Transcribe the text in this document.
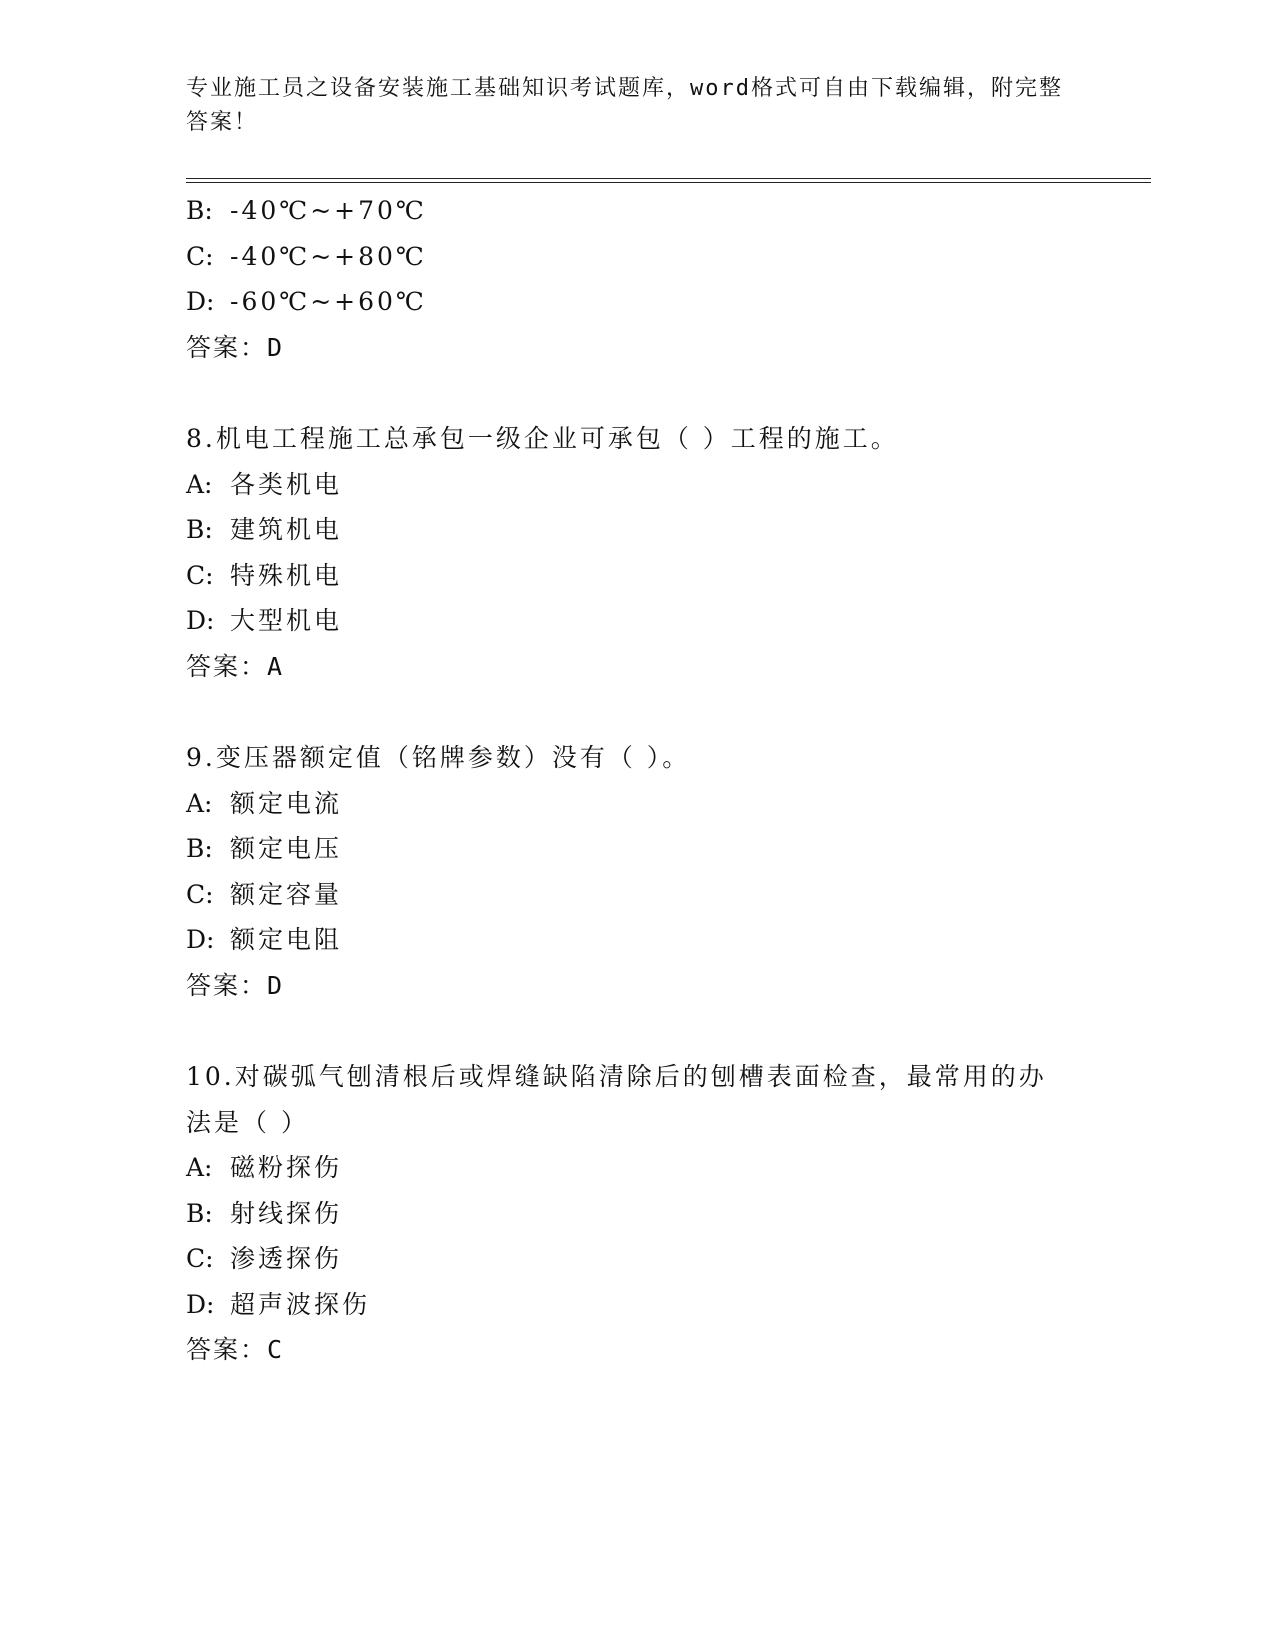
专业施工员之设备安装施工基础知识考试题库，word格式可自由下载编辑，附完整答案！
B: -40℃~+70℃
C: -40℃~+80℃
D: -60℃~+60℃
答案：D
8.机电工程施工总承包一级企业可承包（ ）工程的施工。
A: 各类机电
B: 建筑机电
C: 特殊机电
D: 大型机电
答案：A
9.变压器额定值（铭牌参数）没有（ ）。
A: 额定电流
B: 额定电压
C: 额定容量
D: 额定电阻
答案：D
10.对碳弧气刨清根后或焊缝缺陷清除后的刨槽表面检查，最常用的办法是（ ）
A: 磁粉探伤
B: 射线探伤
C: 渗透探伤
D: 超声波探伤
答案：C
